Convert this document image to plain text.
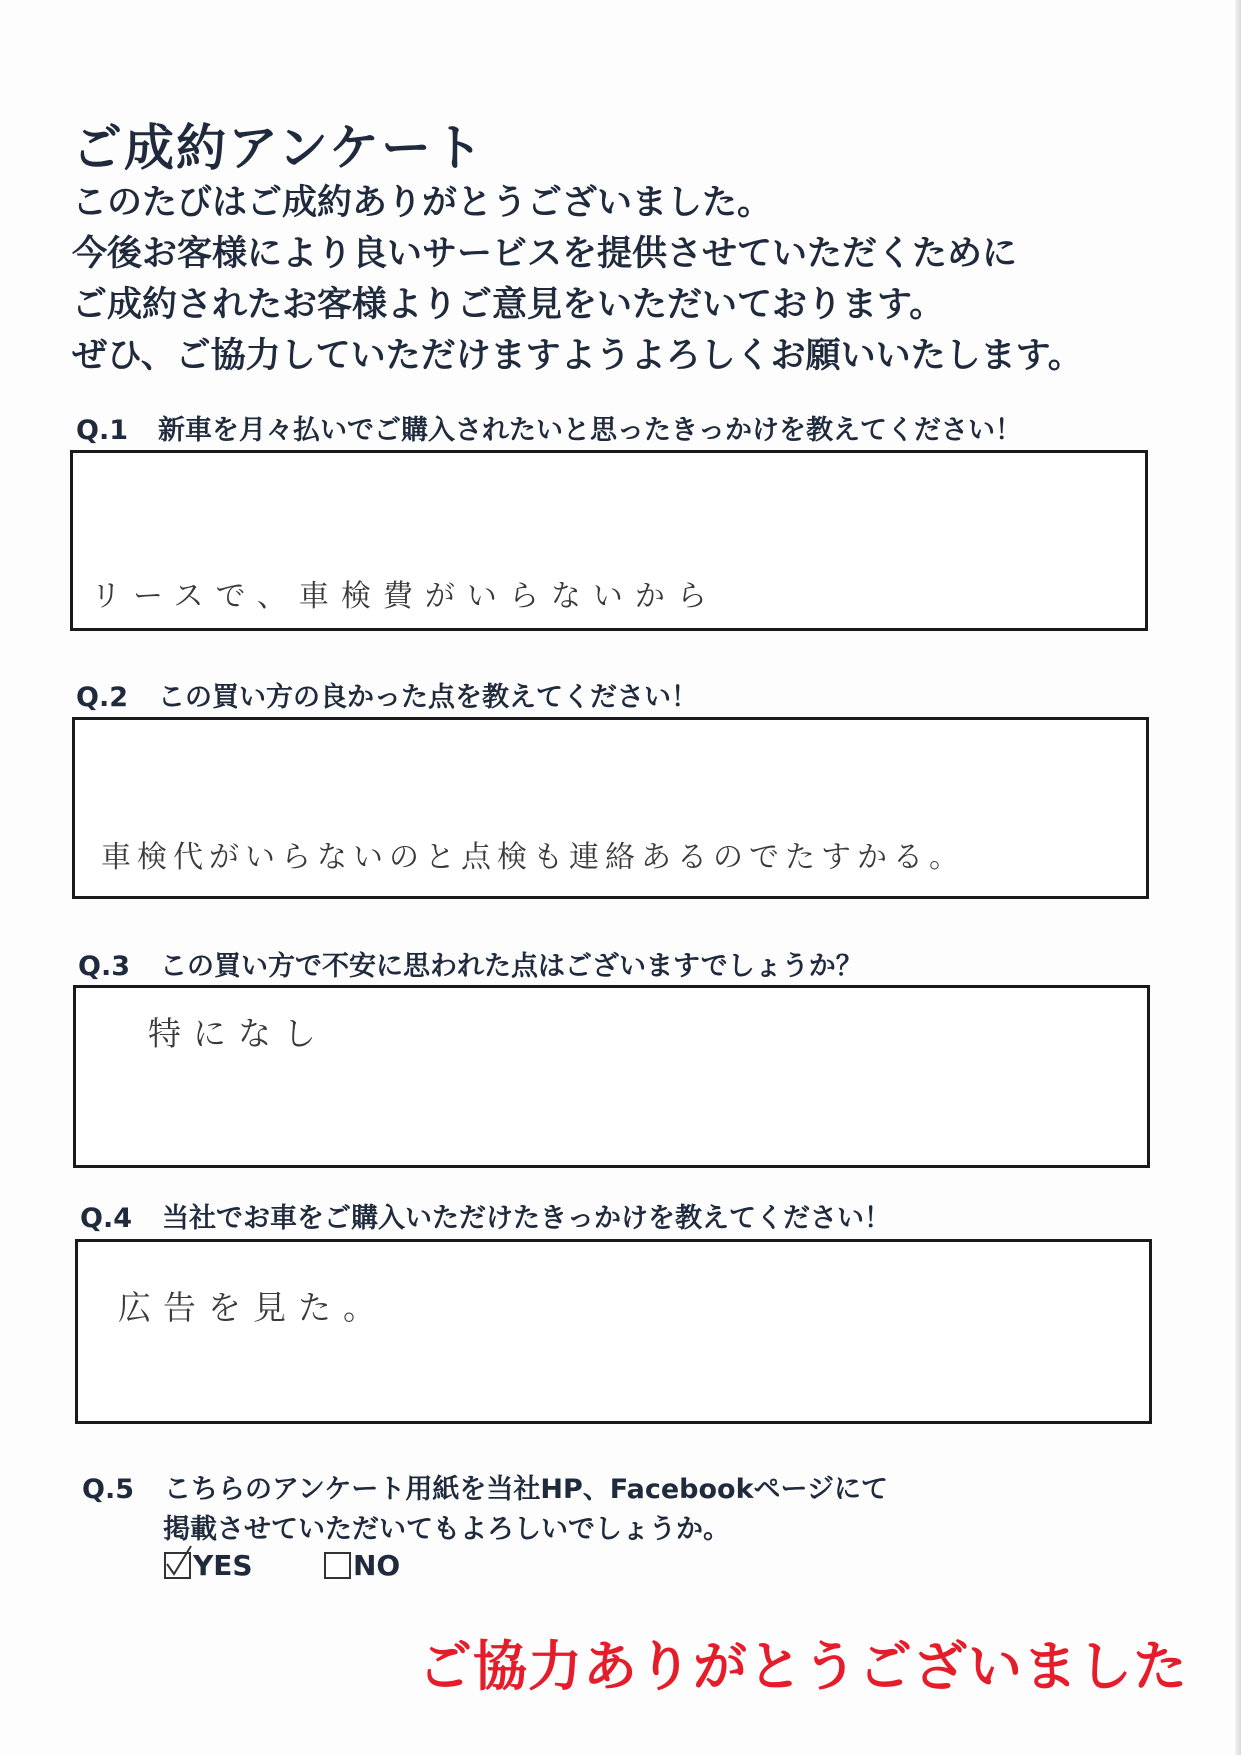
ご成約アンケート
このたびはご成約ありがとうございました。
今後お客様により良いサービスを提供させていただくために
ご成約されたお客様よりご意見をいただいております。
ぜひ、ご協力していただけますようよろしくお願いいたします。
Q.1 新車を月々払いでご購入されたいと思ったきっかけを教えてください！
リースで、車検費がいらないから
Q.2 この買い方の良かった点を教えてください！
車検代がいらないのと点検も連絡あるのでたすかる。
Q.3 この買い方で不安に思われた点はございますでしょうか？
特になし
Q.4 当社でお車をご購入いただけたきっかけを教えてください！
広告を見た。
Q.5 こちらのアンケート用紙を当社HP、Facebookページにて
掲載させていただいてもよろしいでしょうか。
YES	NO
ご協力ありがとうございました
